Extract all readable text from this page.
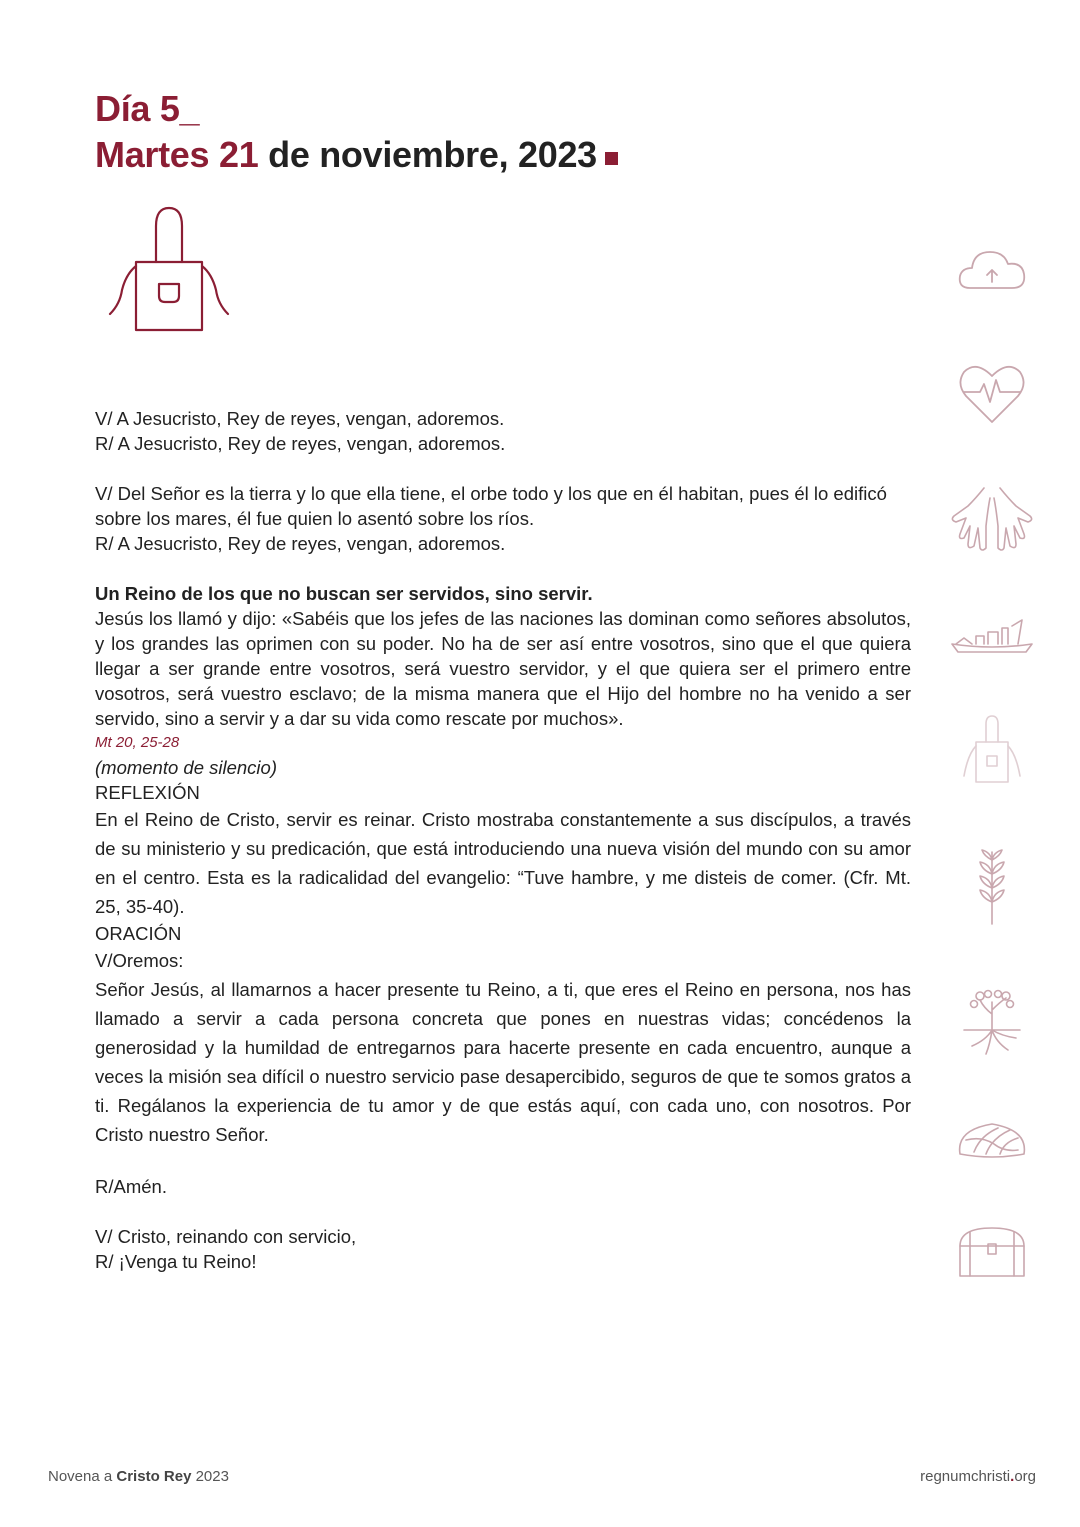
Día 5_
Martes 21 de noviembre, 2023

V/ A Jesucristo, Rey de reyes, vengan, adoremos.

R/ A Jesucristo, Rey de reyes, vengan, adoremos.

V/ Del Señor es la tierra y lo que ella tiene, el orbe todo y los que en él habitan, pues él lo edificó sobre los mares, él fue quien lo asentó sobre los ríos.

R/ A Jesucristo, Rey de reyes, vengan, adoremos.

Un Reino de los que no buscan ser servidos, sino servir.

Jesús los llamó y dijo: «Sabéis que los jefes de las naciones las dominan como señores absolutos, y los grandes las oprimen con su poder. No ha de ser así entre vosotros, sino que el que quiera llegar a ser grande entre vosotros, será vuestro servidor, y el que quiera ser el primero entre vosotros, será vuestro esclavo; de la misma manera que el Hijo del hombre no ha venido a ser servido, sino a servir y a dar su vida como rescate por muchos».

Mt 20, 25-28

(momento de silencio)

REFLEXIÓN

En el Reino de Cristo, servir es reinar. Cristo mostraba constantemente a sus discípulos, a través de su ministerio y su predicación, que está introduciendo una nueva visión del mundo con su amor en el centro. Esta es la radicalidad del evangelio: “Tuve hambre, y me disteis de comer. (Cfr. Mt. 25, 35-40).

ORACIÓN

V/Oremos:

Señor Jesús, al llamarnos a hacer presente tu Reino, a ti, que eres el Reino en persona, nos has llamado a servir a cada persona concreta que pones en nuestras vidas; concédenos la generosidad y la humildad de entregarnos para hacerte presente en cada encuentro, aunque a veces la misión sea difícil o nuestro servicio pase desapercibido, seguros de que te somos gratos a ti. Regálanos la experiencia de tu amor y de que estás aquí, con cada uno, con nosotros. Por Cristo nuestro Señor.

R/Amén.

V/ Cristo, reinando con servicio,

R/ ¡Venga tu Reino!

Novena a Cristo Rey 2023	regnumchristi.org
